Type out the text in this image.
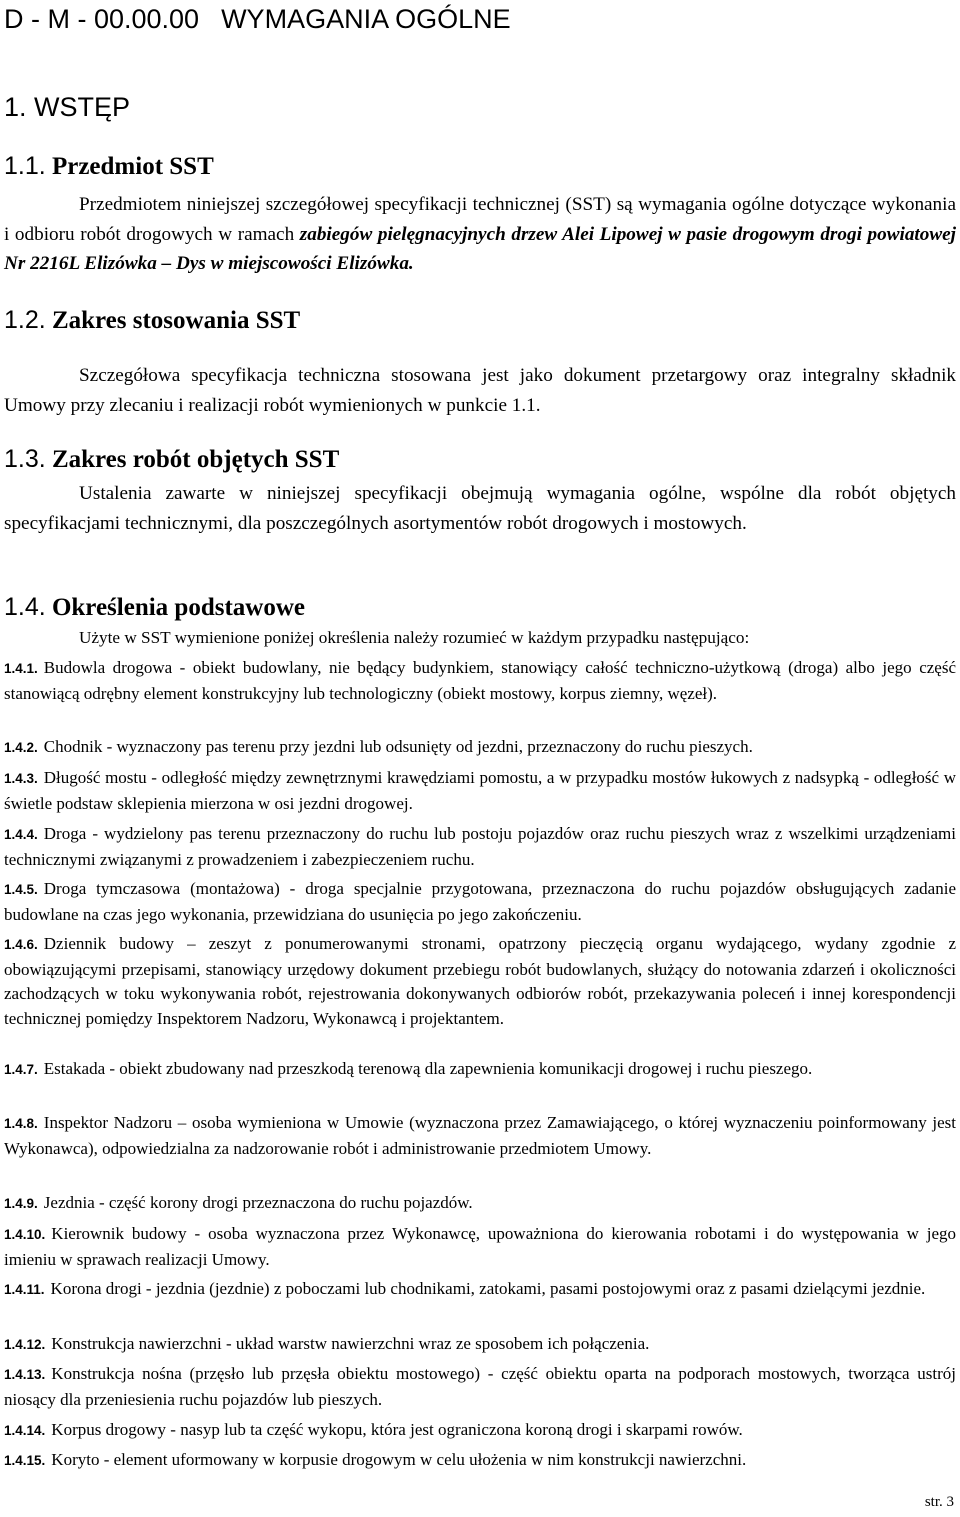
D - M - 00.00.00 WYMAGANIA OGÓLNE
1. WSTĘP
1.1. Przedmiot SST
Przedmiotem niniejszej szczegółowej specyfikacji technicznej (SST) są wymagania ogólne dotyczące wykonania i odbioru robót drogowych w ramach zabiegów pielęgnacyjnych drzew Alei Lipowej w pasie drogowym drogi powiatowej Nr 2216L Elizówka – Dys w miejscowości Elizówka.
1.2. Zakres stosowania SST
Szczegółowa specyfikacja techniczna stosowana jest jako dokument przetargowy oraz integralny składnik Umowy przy zlecaniu i realizacji robót wymienionych w punkcie 1.1.
1.3. Zakres robót objętych SST
Ustalenia zawarte w niniejszej specyfikacji obejmują wymagania ogólne, wspólne dla robót objętych specyfikacjami technicznymi, dla poszczególnych asortymentów robót drogowych i mostowych.
1.4. Określenia podstawowe
Użyte w SST wymienione poniżej określenia należy rozumieć w każdym przypadku następująco:
1.4.1. Budowla drogowa - obiekt budowlany, nie będący budynkiem, stanowiący całość techniczno-użytkową (droga) albo jego część stanowiącą odrębny element konstrukcyjny lub technologiczny (obiekt mostowy, korpus ziemny, węzeł).
1.4.2. Chodnik - wyznaczony pas terenu przy jezdni lub odsunięty od jezdni, przeznaczony do ruchu pieszych.
1.4.3. Długość mostu - odległość między zewnętrznymi krawędziami pomostu, a w przypadku mostów łukowych z nadsypką - odległość w świetle podstaw sklepienia mierzona w osi jezdni drogowej.
1.4.4. Droga - wydzielony pas terenu przeznaczony do ruchu lub postoju pojazdów oraz ruchu pieszych wraz z wszelkimi urządzeniami technicznymi związanymi z prowadzeniem i zabezpieczeniem ruchu.
1.4.5. Droga tymczasowa (montażowa) - droga specjalnie przygotowana, przeznaczona do ruchu pojazdów obsługujących zadanie budowlane na czas jego wykonania, przewidziana do usunięcia po jego zakończeniu.
1.4.6. Dziennik budowy – zeszyt z ponumerowanymi stronami, opatrzony pieczęcią organu wydającego, wydany zgodnie z obowiązującymi przepisami, stanowiący urzędowy dokument przebiegu robót budowlanych, służący do notowania zdarzeń i okoliczności zachodzących w toku wykonywania robót, rejestrowania dokonywanych odbiorów robót, przekazywania poleceń i innej korespondencji technicznej pomiędzy Inspektorem Nadzoru, Wykonawcą i projektantem.
1.4.7. Estakada - obiekt zbudowany nad przeszkodą terenową dla zapewnienia komunikacji drogowej i ruchu pieszego.
1.4.8. Inspektor Nadzoru – osoba wymieniona w Umowie (wyznaczona przez Zamawiającego, o której wyznaczeniu poinformowany jest Wykonawca), odpowiedzialna za nadzorowanie robót i administrowanie przedmiotem Umowy.
1.4.9. Jezdnia - część korony drogi przeznaczona do ruchu pojazdów.
1.4.10. Kierownik budowy - osoba wyznaczona przez Wykonawcę, upoważniona do kierowania robotami i do występowania w jego imieniu w sprawach realizacji Umowy.
1.4.11. Korona drogi - jezdnia (jezdnie) z poboczami lub chodnikami, zatokami, pasami postojowymi oraz z pasami dzielącymi jezdnie.
1.4.12. Konstrukcja nawierzchni - układ warstw nawierzchni wraz ze sposobem ich połączenia.
1.4.13. Konstrukcja nośna (przęsło lub przęsła obiektu mostowego) - część obiektu oparta na podporach mostowych, tworząca ustrój niosący dla przeniesienia ruchu pojazdów lub pieszych.
1.4.14. Korpus drogowy - nasyp lub ta część wykopu, która jest ograniczona koroną drogi i skarpami rowów.
1.4.15. Koryto - element uformowany w korpusie drogowym w celu ułożenia w nim konstrukcji nawierzchni.
str. 3
